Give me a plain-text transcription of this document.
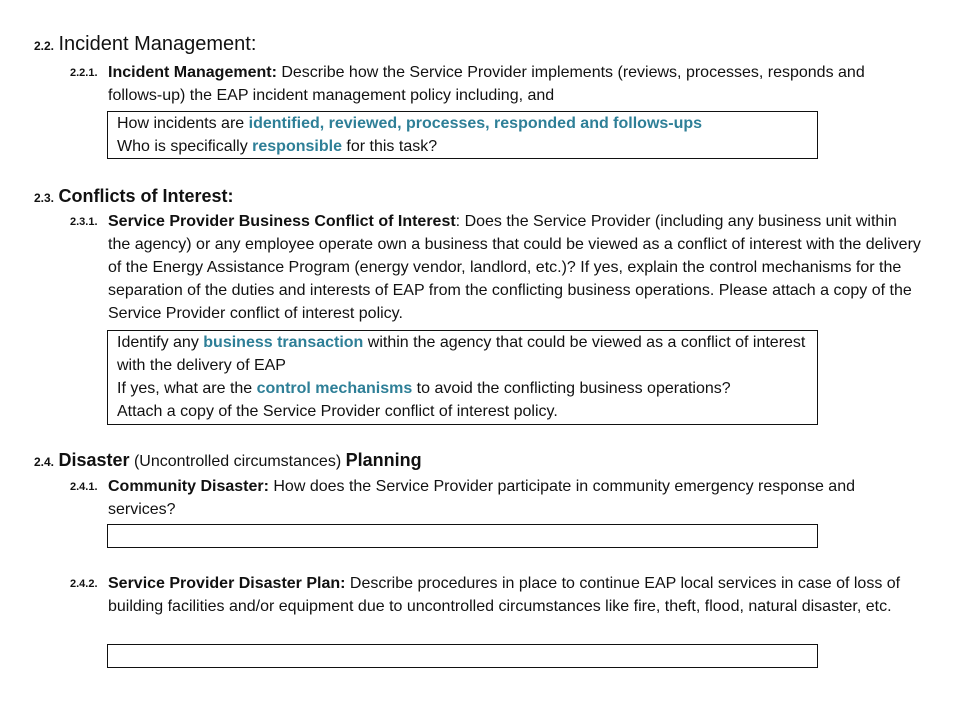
2.2. Incident Management:
2.2.1. Incident Management: Describe how the Service Provider implements (reviews, processes, responds and follows-up) the EAP incident management policy including, and
How incidents are identified, reviewed, processes, responded and follows-ups
Who is specifically responsible for this task?
2.3. Conflicts of Interest:
2.3.1. Service Provider Business Conflict of Interest: Does the Service Provider (including any business unit within the agency) or any employee operate own a business that could be viewed as a conflict of interest with the delivery of the Energy Assistance Program (energy vendor, landlord, etc.)? If yes, explain the control mechanisms for the separation of the duties and interests of EAP from the conflicting business operations. Please attach a copy of the Service Provider conflict of interest policy.
Identify any business transaction within the agency that could be viewed as a conflict of interest with the delivery of EAP
If yes, what are the control mechanisms to avoid the conflicting business operations?
Attach a copy of the Service Provider conflict of interest policy.
2.4. Disaster (Uncontrolled circumstances) Planning
2.4.1. Community Disaster: How does the Service Provider participate in community emergency response and services?
2.4.2. Service Provider Disaster Plan: Describe procedures in place to continue EAP local services in case of loss of building facilities and/or equipment due to uncontrolled circumstances like fire, theft, flood, natural disaster, etc.
